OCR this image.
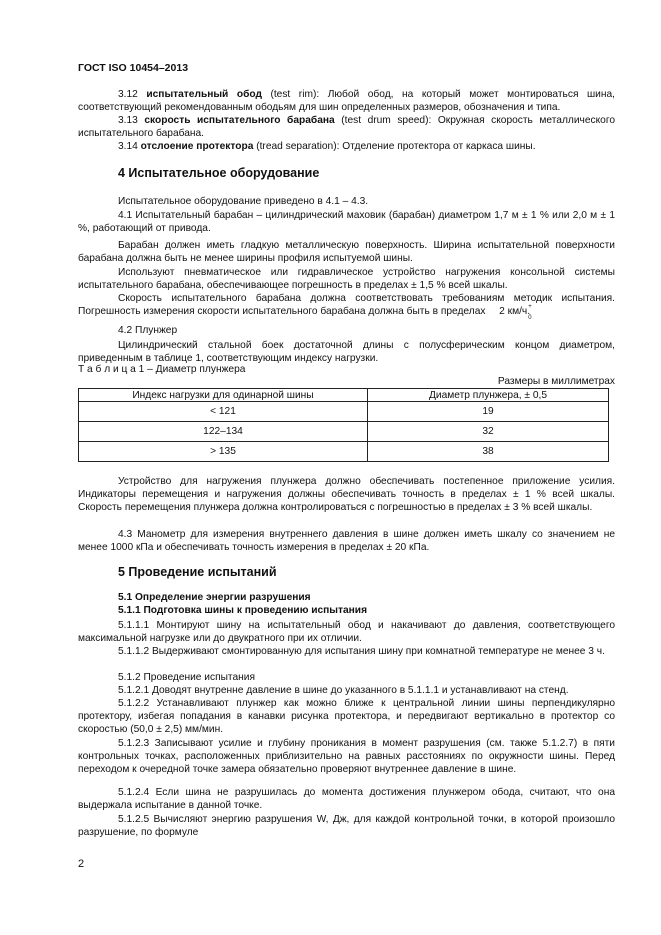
ГОСТ ISO 10454–2013
3.12 испытательный обод (test rim): Любой обод, на который может монтироваться шина, соответствующий рекомендованным ободьям для шин определенных размеров, обозначения и типа.
3.13 скорость испытательного барабана (test drum speed): Окружная скорость металлического испытательного барабана.
3.14 отслоение протектора (tread separation): Отделение протектора от каркаса шины.
4 Испытательное оборудование
Испытательное оборудование приведено в 4.1 – 4.3.
4.1 Испытательный барабан – цилиндрический маховик (барабан) диаметром 1,7 м ± 1 % или 2,0 м ± 1 %, работающий от привода.
Барабан должен иметь гладкую металлическую поверхность. Ширина испытательной поверхности барабана должна быть не менее ширины профиля испытуемой шины.
Используют пневматическое или гидравлическое устройство нагружения консольной системы испытательного барабана, обеспечивающее погрешность в пределах ± 1,5 % всей шкалы.
Скорость испытательного барабана должна соответствовать требованиям методик испытания. Погрешность измерения скорости испытательного барабана должна быть в пределах	+
0
2 км/ч.
4.2 Плунжер
Цилиндрический стальной боек достаточной длины с полусферическим концом диаметром, приведенным в таблице 1, соответствующим индексу нагрузки.
Т а б л и ц а 1 – Диаметр плунжера
Размеры в миллиметрах
Индекс нагрузки для одинарной шины	Диаметр плунжера, ± 0,5
< 121	19
122–134	32
> 135	38
Устройство для нагружения плунжера должно обеспечивать постепенное приложение усилия. Индикаторы перемещения и нагружения должны обеспечивать точность в пределах ± 1 % всей шкалы. Скорость перемещения плунжера должна контролироваться с погрешностью в пределах ± 3 % всей шкалы.
4.3 Манометр для измерения внутреннего давления в шине должен иметь шкалу со значением не менее 1000 кПа и обеспечивать точность измерения в пределах ± 20 кПа.
5 Проведение испытаний
5.1 Определение энергии разрушения
5.1.1 Подготовка шины к проведению испытания
5.1.1.1 Монтируют шину на испытательный обод и накачивают до давления, соответствующего максимальной нагрузке или до двукратного при их отличии.
5.1.1.2 Выдерживают смонтированную для испытания шину при комнатной температуре не менее 3 ч.
5.1.2 Проведение испытания
5.1.2.1 Доводят внутренне давление в шине до указанного в 5.1.1.1 и устанавливают на стенд.
5.1.2.2 Устанавливают плунжер как можно ближе к центральной линии шины перпендикулярно протектору, избегая попадания в канавки рисунка протектора, и передвигают вертикально в протектор со скоростью (50,0 ± 2,5) мм/мин.
5.1.2.3 Записывают усилие и глубину проникания в момент разрушения (см. также 5.1.2.7) в пяти контрольных точках, расположенных приблизительно на равных расстояниях по окружности шины. Перед переходом к очередной точке замера обязательно проверяют внутреннее давление в шине.
5.1.2.4 Если шина не разрушилась до момента достижения плунжером обода, считают, что она выдержала испытание в данной точке.
5.1.2.5 Вычисляют энергию разрушения W, Дж, для каждой контрольной точки, в которой произошло разрушение, по формуле
2
